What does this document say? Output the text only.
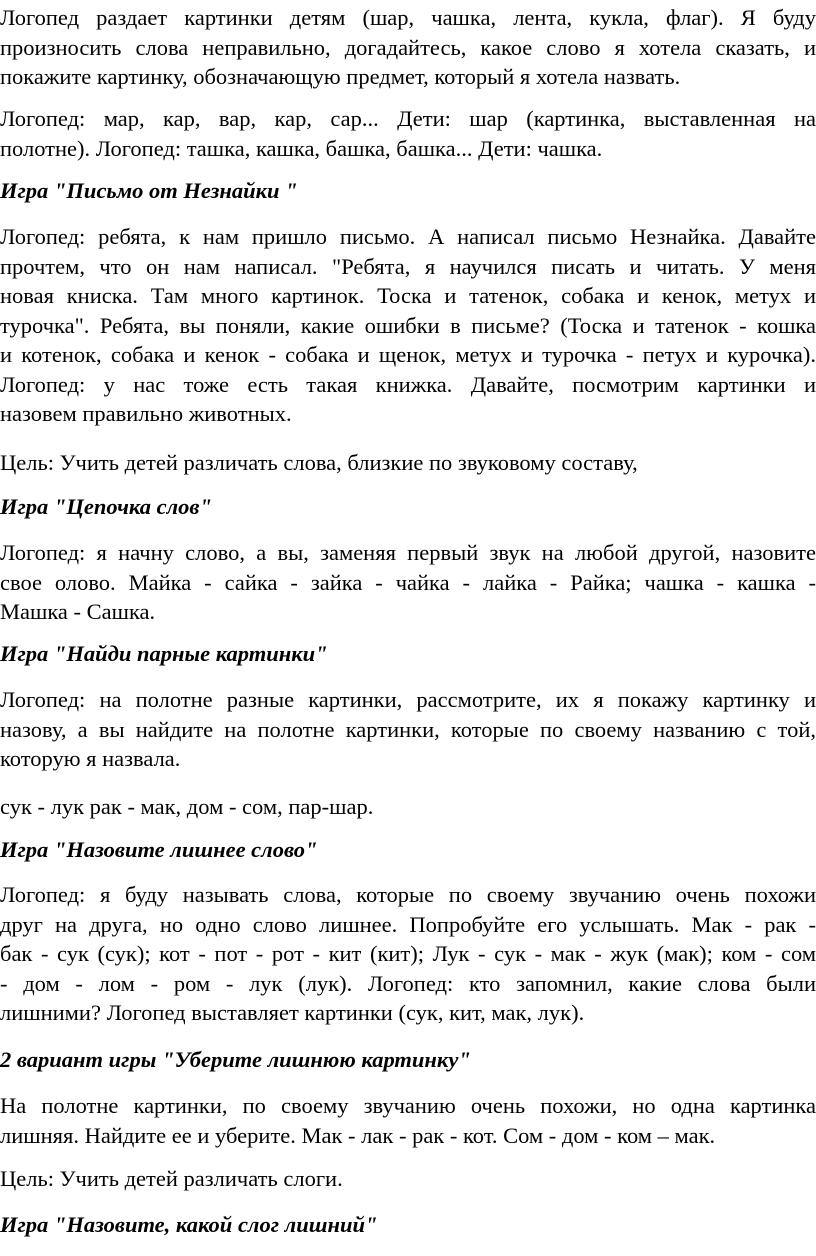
Логопед раздает картинки детям (шар, чашка, лента, кукла, флаг). Я буду
произносить слова неправильно, догадайтесь, какое слово я хотела сказать, и
покажите картинку, обозначающую предмет, который я хотела назвать.
Логопед: мар, кар, вар, кар, сар... Дети: шар (картинка, выставленная на
полотне). Логопед: ташка, кашка, башка, башка... Дети: чашка.
Игра "Письмо от Незнайки "
Логопед: ребята, к нам пришло письмо. А написал письмо Незнайка. Давайте
прочтем, что он нам написал. "Ребята, я научился писать и читать. У меня
новая книска. Там много картинок. Тоска и татенок, собака и кенок, метух и
турочка". Ребята, вы поняли, какие ошибки в письме? (Тоска и татенок - кошка
и котенок, собака и кенок - собака и щенок, метух и турочка - петух и курочка).
Логопед: у нас тоже есть такая книжка. Давайте, посмотрим картинки и
назовем правильно животных.
Цель: Учить детей различать слова, близкие по звуковому составу,
Игра "Цепочка слов"
Логопед: я начну слово, а вы, заменяя первый звук на любой другой, назовите
свое олово. Майка - сайка - зайка - чайка - лайка - Райка; чашка - кашка -
Машка - Сашка.
Игра "Найди парные картинки"
Логопед: на полотне разные картинки, рассмотрите, их я покажу картинку и
назову, а вы найдите на полотне картинки, которые по своему названию с той,
которую я назвала.
сук - лук рак - мак, дом - сом, пар-шар.
Игра "Назовите лишнее слово"
Логопед: я буду называть слова, которые по своему звучанию очень похожи
друг на друга, но одно слово лишнее. Попробуйте его услышать. Мак - рак -
бак - сук (сук); кот - пот - рот - кит (кит); Лук - сук - мак - жук (мак); ком - сом
- дом - лом - ром - лук (лук). Логопед: кто запомнил, какие слова были
лишними? Логопед выставляет картинки (сук, кит, мак, лук).
2 вариант игры "Уберите лишнюю картинку"
На полотне картинки, по своему звучанию очень похожи, но одна картинка
лишняя. Найдите ее и уберите. Мак - лак - рак - кот. Сом - дом - ком – мак.
Цель: Учить детей различать слоги.
Игра "Назовите, какой слог лишний"
